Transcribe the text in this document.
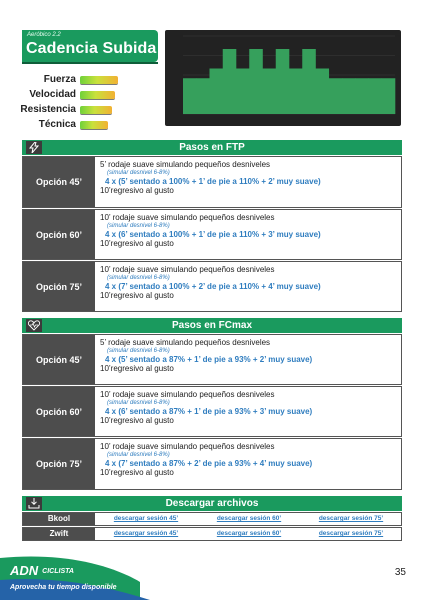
Aeróbico 2.2
Cadencia Subida
Fuerza
Velocidad
Resistencia
Técnica
Pasos en FTP
Opción 45’
5’ rodaje suave simulando pequeños desniveles
(simular desnivel 6-8%)
4 x (5’ sentado a 100% + 1’ de pie a 110% + 2’ muy suave)
10’regresivo al gusto
Opción 60’
10’ rodaje suave simulando pequeños desniveles
(simular desnivel 6-8%)
4 x (6’ sentado a 100% + 1’ de pie a 110% + 3’ muy suave)
10’regresivo al gusto
Opción 75’
10’ rodaje suave simulando pequeños desniveles
(simular desnivel 6-8%)
4 x (7’ sentado a 100% + 2’ de pie a 110% + 4’ muy suave)
10’regresivo al gusto
Pasos en FCmax
Opción 45’
5’ rodaje suave simulando pequeños desniveles
(simular desnivel 6-8%)
4 x (5’ sentado a 87% + 1’ de pie a 93% + 2’ muy suave)
10’regresivo al gusto
Opción 60’
10’ rodaje suave simulando pequeños desniveles
(simular desnivel 6-8%)
4 x (6’ sentado a 87% + 1’ de pie a 93% + 3’ muy suave)
10’regresivo al gusto
Opción 75’
10’ rodaje suave simulando pequeños desniveles
(simular desnivel 6-8%)
4 x (7’ sentado a 87% + 2’ de pie a 93% + 4’ muy suave)
10’regresivo al gusto
Descargar archivos
Bkool	descargar sesión 45’	descargar sesión 60’	descargar sesión 75’
Zwift	descargar sesión 45’	descargar sesión 60’	descargar sesión 75’
ADN CICLISTA
Aprovecha tu tiempo disponible
35
